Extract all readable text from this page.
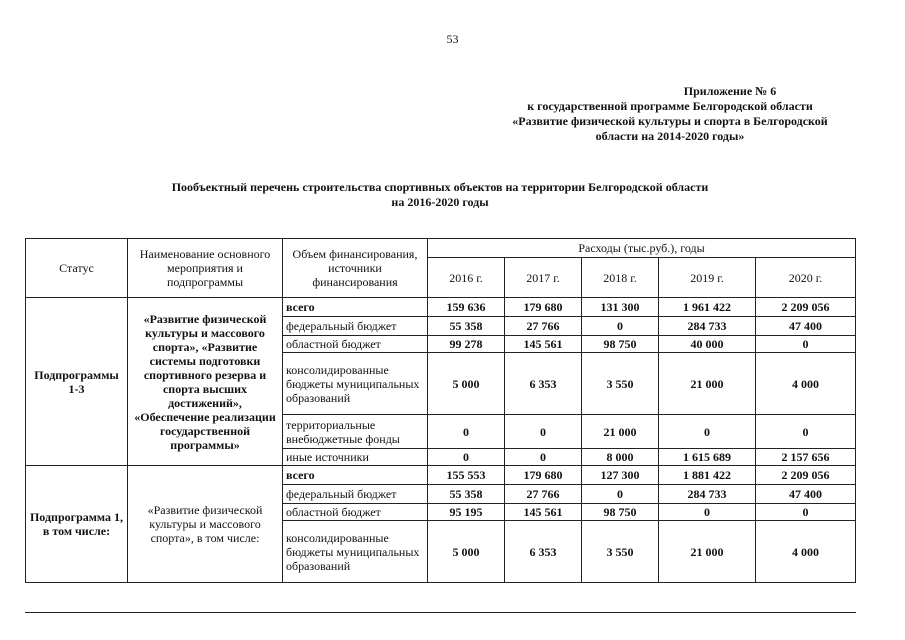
53
Приложение № 6
к государственной программе Белгородской области
«Развитие физической культуры и спорта в Белгородской
области на 2014-2020 годы»
Пообъектный перечень строительства спортивных объектов на территории Белгородской области
на 2016-2020 годы
Статус	Наименование основного мероприятия и подпрограммы	Объем финансирования, источники финансирования	Расходы (тыс.руб.), годы				
			2016 г.	2017 г.	2018 г.	2019 г.	2020 г.
Подпрограммы 1-3	«Развитие физической культуры и массового спорта», «Развитие системы подготовки спортивного резерва и спорта высших достижений», «Обеспечение реализации государственной программы»	всего	159 636	179 680	131 300	1 961 422	2 209 056
		федеральный бюджет	55 358	27 766	0	284 733	47 400
		областной бюджет	99 278	145 561	98 750	40 000	0
		консолидированные бюджеты муниципальных образований	5 000	6 353	3 550	21 000	4 000
		территориальные внебюджетные фонды	0	0	21 000	0	0
		иные источники	0	0	8 000	1 615 689	2 157 656
Подпрограмма 1, в том числе:	«Развитие физической культуры и массового спорта», в том числе:	всего	155 553	179 680	127 300	1 881 422	2 209 056
		федеральный бюджет	55 358	27 766	0	284 733	47 400
		областной бюджет	95 195	145 561	98 750	0	0
		консолидированные бюджеты муниципальных образований	5 000	6 353	3 550	21 000	4 000
